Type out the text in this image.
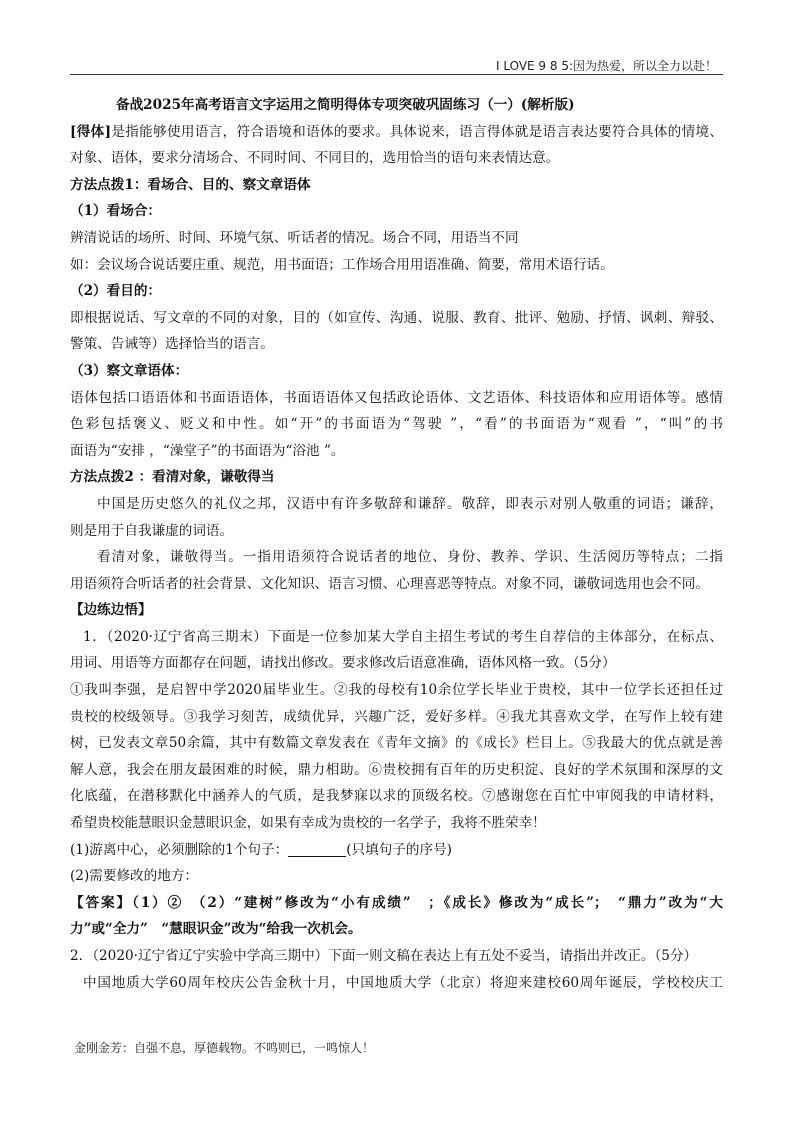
I LOVE 9 8 5:因为热爱，所以全力以赴！
备战2025年高考语言文字运用之简明得体专项突破巩固练习（一）(解析版)
[得体]是指能够使用语言，符合语境和语体的要求。具体说来，语言得体就是语言表达要符合具体的情境、
对象、语体，要求分清场合、不同时间、不同目的，选用恰当的语句来表情达意。
方法点拨1：看场合、目的、察文章语体
（1）看场合：
辨清说话的场所、时间、环境气氛、听话者的情况。场合不同，用语当不同
如：会议场合说话要庄重、规范，用书面语；工作场合用用语准确、简要，常用术语行话。
（2）看目的：
即根据说话、写文章的不同的对象，目的（如宣传、沟通、说服、教育、批评、勉励、抒情、讽刺、辩驳、
警策、告诫等）选择恰当的语言。
（3）察文章语体：
语体包括口语语体和书面语语体，书面语语体又包括政论语体、文艺语体、科技语体和应用语体等。感情
色彩包括褒义、贬义和中性。如“开”的书面语为“驾驶 ”，“看”的书面语为“观看 ”，“叫”的书
面语为“安排 ，“澡堂子”的书面语为“浴池 ”。
方法点拨2 ：看清对象，谦敬得当
中国是历史悠久的礼仪之邦，汉语中有许多敬辞和谦辞。敬辞，即表示对别人敬重的词语；谦辞，
则是用于自我谦虚的词语。
看清对象，谦敬得当。一指用语须符合说话者的地位、身份、教养、学识、生活阅历等特点；二指
用语须符合听话者的社会背景、文化知识、语言习惯、心理喜恶等特点。对象不同，谦敬词选用也会不同。
【边练边悟】
1．（2020·辽宁省高三期末）下面是一位参加某大学自主招生考试的考生自荐信的主体部分，在标点、
用词、用语等方面都存在问题，请找出修改。要求修改后语意准确，语体风格一致。（5分）
①我叫李强，是启智中学2020届毕业生。②我的母校有10余位学长毕业于贵校，其中一位学长还担任过
贵校的校级领导。③我学习刻苦，成绩优异，兴趣广泛，爱好多样。④我尤其喜欢文学，在写作上较有建
树，已发表文章50余篇，其中有数篇文章发表在《青年文摘》的《成长》栏目上。⑤我最大的优点就是善
解人意，我会在朋友最困难的时候，鼎力相助。⑥贵校拥有百年的历史积淀、良好的学术氛围和深厚的文
化底蕴，在潜移默化中涵养人的气质，是我梦寐以求的顶级名校。⑦感谢您在百忙中审阅我的申请材料，
希望贵校能慧眼识金慧眼识金，如果有幸成为贵校的一名学子，我将不胜荣幸！
(1)游离中心，必须删除的1个句子：	(只填句子的序号)
(2)需要修改的地方：
【答案】（1）②　（2）“建树”修改为“小有成绩”　；《成长》修改为“成长”；　“鼎力”改为“大
力”或“全力”　“慧眼识金”改为“给我一次机会。
2．（2020·辽宁省辽宁实验中学高三期中）下面一则文稿在表达上有五处不妥当，请指出并改正。（5分）
中国地质大学60周年校庆公告金秋十月，中国地质大学（北京）将迎来建校60周年诞辰，学校校庆工
金刚金芳：自强不息，厚德载物。不鸣则已，一鸣惊人！
